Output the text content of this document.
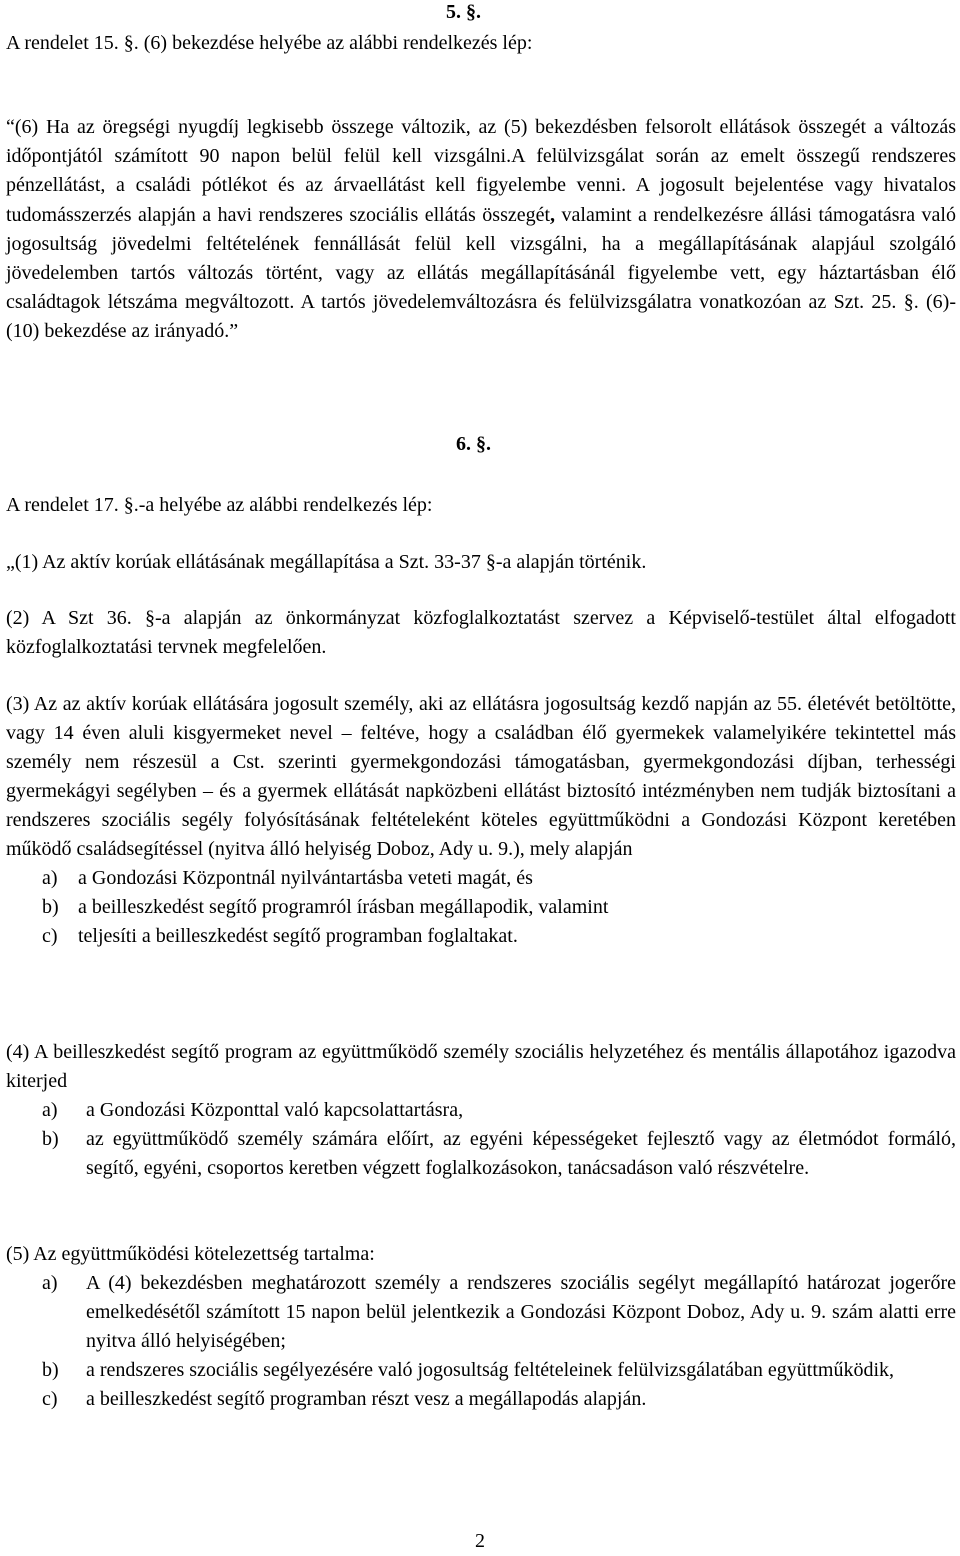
5. §.

A rendelet 15. §. (6) bekezdése helyébe az alábbi rendelkezés lép:

“(6) Ha az öregségi nyugdíj legkisebb összege változik, az (5) bekezdésben felsorolt ellátások összegét a változás időpontjától számított 90 napon belül felül kell vizsgálni.A felülvizsgálat során az emelt összegű rendszeres pénzellátást, a családi pótlékot és az árvaellátást kell figyelembe venni. A jogosult bejelentése vagy hivatalos tudomásszerzés alapján a havi rendszeres szociális ellátás összegét, valamint a rendelkezésre állási támogatásra való jogosultság jövedelmi feltételének fennállását felül kell vizsgálni, ha a megállapításának alapjául szolgáló jövedelemben tartós változás történt, vagy az ellátás megállapításánál figyelembe vett, egy háztartásban élő családtagok létszáma megváltozott. A tartós jövedelemváltozásra és felülvizsgálatra vonatkozóan az Szt. 25. §. (6)-(10) bekezdése az irányadó.”

6. §.

A rendelet 17. §.-a helyébe az alábbi rendelkezés lép:

„(1) Az aktív korúak ellátásának megállapítása a Szt. 33-37 §-a alapján történik.

(2) A Szt 36. §-a alapján az önkormányzat közfoglalkoztatást szervez a Képviselő-testület által elfogadott közfoglalkoztatási tervnek megfelelően.

(3) Az az aktív korúak ellátására jogosult személy, aki az ellátásra jogosultság kezdő napján az 55. életévét betöltötte, vagy 14 éven aluli kisgyermeket nevel – feltéve, hogy a családban élő gyermekek valamelyikére tekintettel más személy nem részesül a Cst. szerinti gyermekgondozási támogatásban, gyermekgondozási díjban, terhességi gyermekágyi segélyben – és a gyermek ellátását napközbeni ellátást biztosító intézményben nem tudják biztosítani a rendszeres szociális segély folyósításának feltételeként köteles együttműködni a Gondozási Központ keretében működő családsegítéssel (nyitva álló helyiség Doboz, Ady u. 9.), mely alapján

a)	a Gondozási Központnál nyilvántartásba veteti magát, és
b) a beilleszkedést segítő programról írásban megállapodik, valamint
c)	teljesíti a beilleszkedést segítő programban foglaltakat.

(4) A beilleszkedést segítő program az együttműködő személy szociális helyzetéhez és mentális állapotához igazodva kiterjed

a)	a Gondozási Központtal való kapcsolattartásra,
b)	az együttműködő személy számára előírt, az egyéni képességeket fejlesztő vagy az életmódot formáló, segítő, egyéni, csoportos keretben végzett foglalkozásokon, tanácsadáson való részvételre.

(5) Az együttműködési kötelezettség tartalma:

a)	A (4) bekezdésben meghatározott személy a rendszeres szociális segélyt megállapító határozat jogerőre emelkedésétől számított 15 napon belül jelentkezik a Gondozási Központ Doboz, Ady u. 9. szám alatti erre nyitva álló helyiségében;
b)	a rendszeres szociális segélyezésére való jogosultság feltételeinek felülvizsgálatában együttműködik,
c)	a beilleszkedést segítő programban részt vesz a megállapodás alapján.
2
